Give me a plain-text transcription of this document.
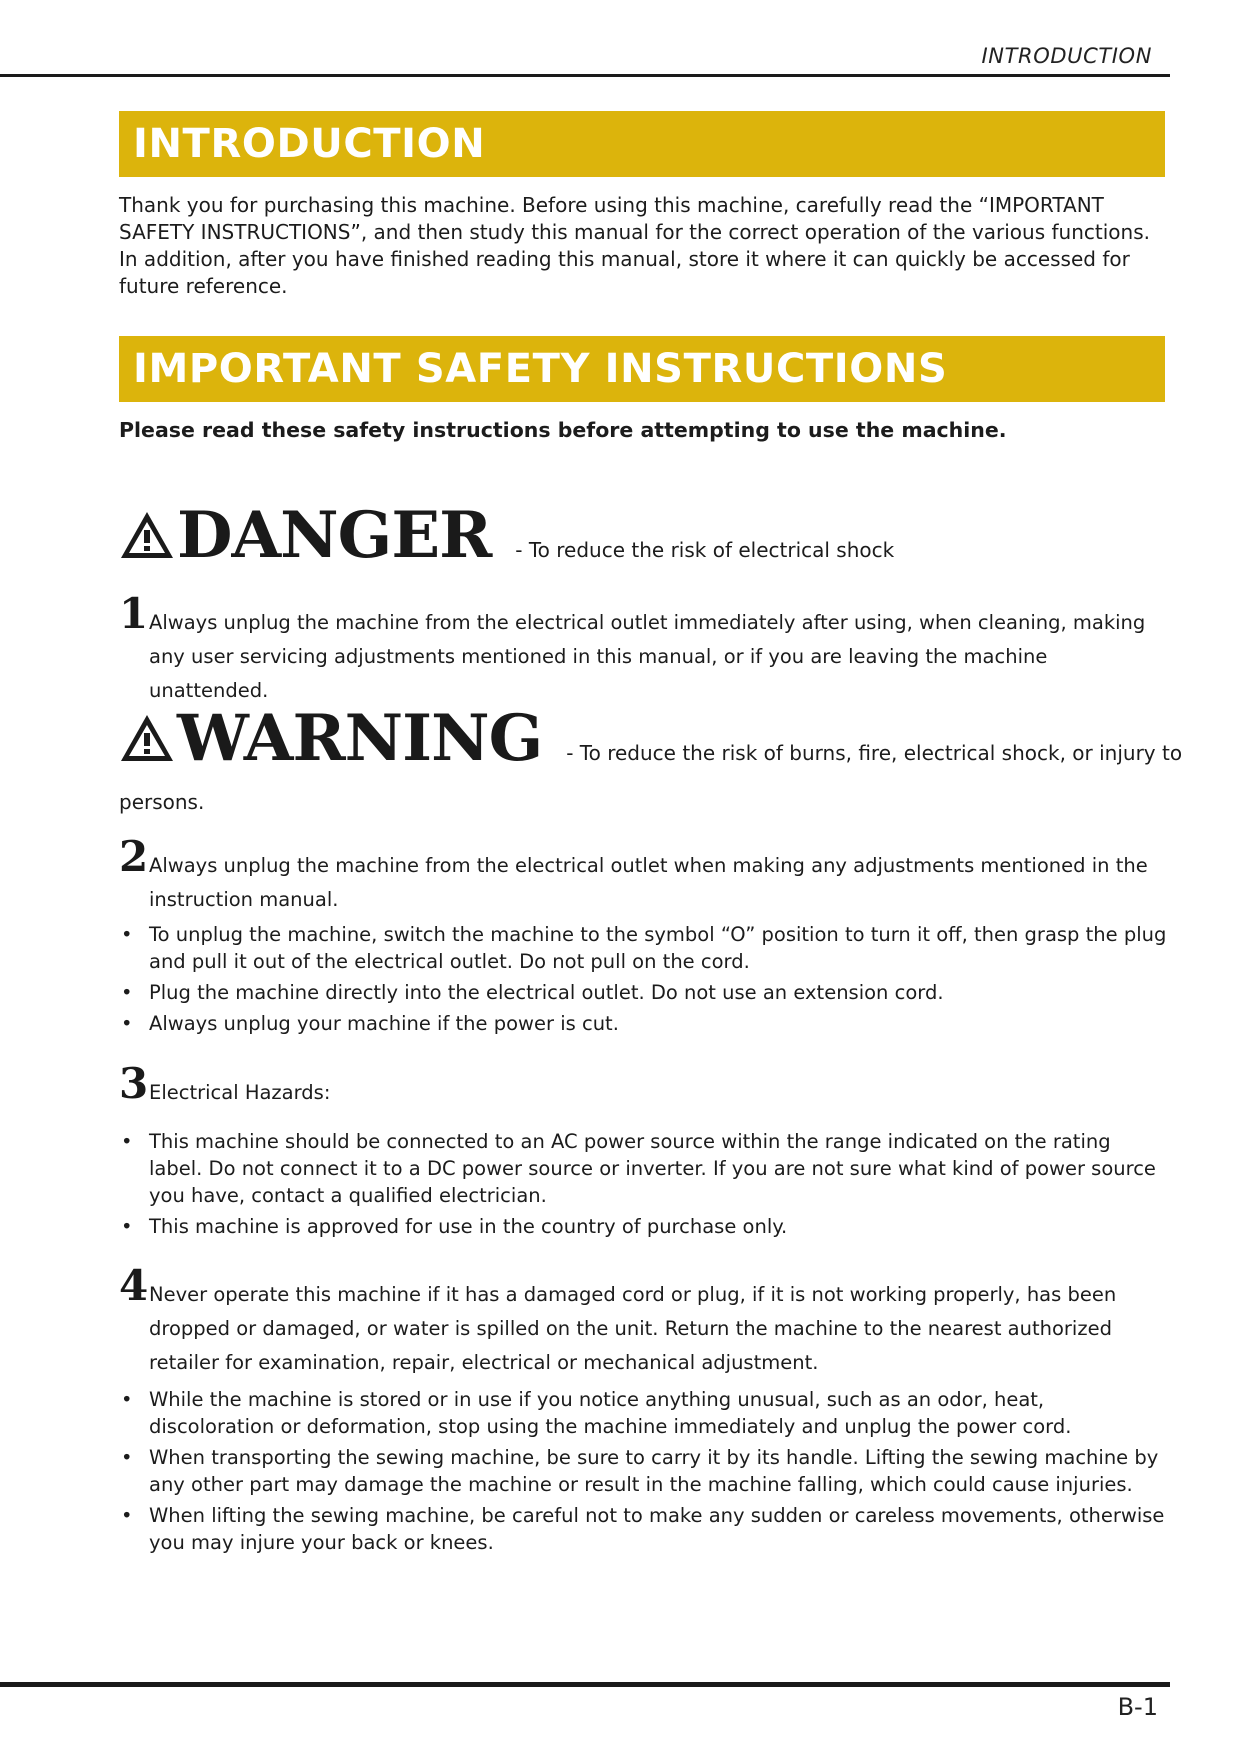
INTRODUCTION
INTRODUCTION
Thank you for purchasing this machine. Before using this machine, carefully read the “IMPORTANT SAFETY INSTRUCTIONS”, and then study this manual for the correct operation of the various functions. In addition, after you have finished reading this manual, store it where it can quickly be accessed for future reference.
IMPORTANT SAFETY INSTRUCTIONS
Please read these safety instructions before attempting to use the machine.
DANGER - To reduce the risk of electrical shock
1 Always unplug the machine from the electrical outlet immediately after using, when cleaning, making any user servicing adjustments mentioned in this manual, or if you are leaving the machine unattended.
WARNING - To reduce the risk of burns, fire, electrical shock, or injury to
persons.
2 Always unplug the machine from the electrical outlet when making any adjustments mentioned in the instruction manual.
• To unplug the machine, switch the machine to the symbol “O” position to turn it off, then grasp the plug and pull it out of the electrical outlet. Do not pull on the cord.
• Plug the machine directly into the electrical outlet. Do not use an extension cord.
• Always unplug your machine if the power is cut.
3 Electrical Hazards:
• This machine should be connected to an AC power source within the range indicated on the rating label. Do not connect it to a DC power source or inverter. If you are not sure what kind of power source you have, contact a qualified electrician.
• This machine is approved for use in the country of purchase only.
4 Never operate this machine if it has a damaged cord or plug, if it is not working properly, has been dropped or damaged, or water is spilled on the unit. Return the machine to the nearest authorized retailer for examination, repair, electrical or mechanical adjustment.
• While the machine is stored or in use if you notice anything unusual, such as an odor, heat, discoloration or deformation, stop using the machine immediately and unplug the power cord.
• When transporting the sewing machine, be sure to carry it by its handle. Lifting the sewing machine by any other part may damage the machine or result in the machine falling, which could cause injuries.
• When lifting the sewing machine, be careful not to make any sudden or careless movements, otherwise you may injure your back or knees.
B-1
